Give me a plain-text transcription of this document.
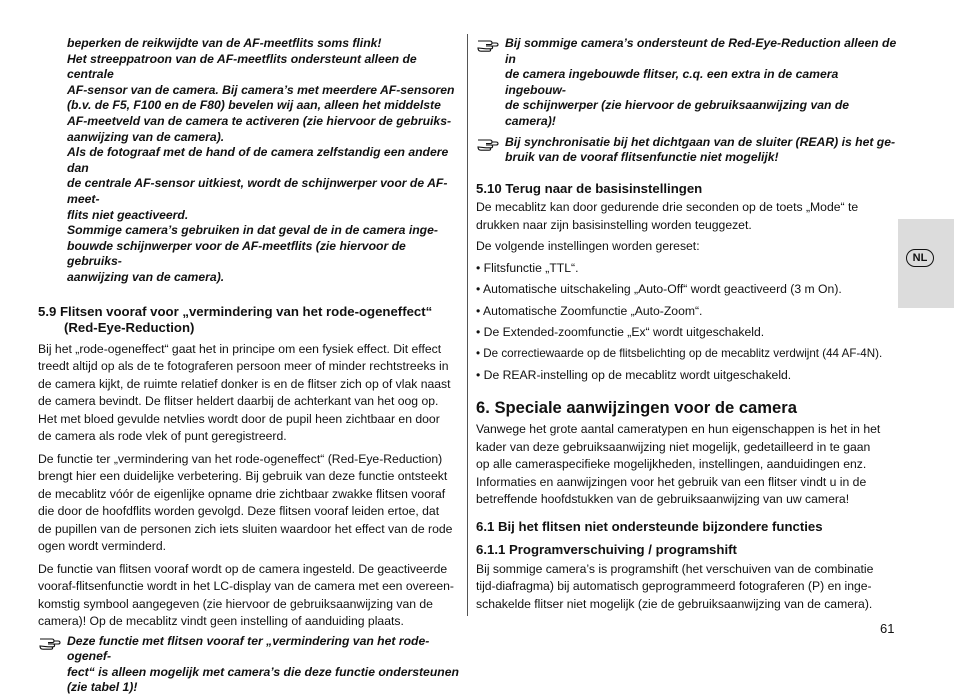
NL
61

beperken de reikwijdte van de AF-meetflits soms flink!
Het streeppatroon van de AF-meetflits ondersteunt alleen de centrale
AF-sensor van de camera. Bij camera’s met meerdere AF-sensoren
(b.v. de F5, F100 en de F80) bevelen wij aan, alleen het middelste
AF-meetveld van de camera te activeren (zie hiervoor de gebruiks-
aanwijzing van de camera).

Als de fotograaf met de hand of de camera zelfstandig een andere dan
de centrale AF-sensor uitkiest, wordt de schijnwerper voor de AF-meet-
flits niet geactiveerd.

Sommige camera’s gebruiken in dat geval de in de camera inge-
bouwde schijnwerper voor de AF-meetflits (zie hiervoor de gebruiks-
aanwijzing van de camera).

5.9 Flitsen vooraf voor „vermindering van het rode-ogeneffect“
(Red-Eye-Reduction)

Bij het „rode-ogeneffect“ gaat het in principe om een fysiek effect. Dit effect
treedt altijd op als de te fotograferen persoon meer of minder rechtstreeks in
de camera kijkt, de ruimte relatief donker is en de flitser zich op of vlak naast
de camera bevindt. De flitser heldert daarbij de achterkant van het oog op.
Het met bloed gevulde netvlies wordt door de pupil heen zichtbaar en door
de camera als rode vlek of punt geregistreerd.

De functie ter „vermindering van het rode-ogeneffect“ (Red-Eye-Reduction)
brengt hier een duidelijke verbetering. Bij gebruik van deze functie ontsteekt
de mecablitz vóór de eigenlijke opname drie zichtbaar zwakke flitsen vooraf
die door de hoofdflits worden gevolgd. Deze flitsen vooraf leiden ertoe, dat
de pupillen van de personen zich iets sluiten waardoor het effect van de rode
ogen wordt verminderd.

De functie van flitsen vooraf wordt op de camera ingesteld. De geactiveerde
vooraf-flitsenfunctie wordt in het LC-display van de camera met een overeen-
komstig symbool aangegeven (zie hiervoor de gebruiksaanwijzing van de
camera)! Op de mecablitz vindt geen instelling of aanduiding plaats.

Deze functie met flitsen vooraf ter „vermindering van het rode-ogenef-
fect“ is alleen mogelijk met camera’s die deze functie ondersteunen
(zie tabel 1)!

Bij sommige camera’s ondersteunt de Red-Eye-Reduction alleen de in
de camera ingebouwde flitser, c.q. een extra in de camera ingebouw-
de schijnwerper (zie hiervoor de gebruiksaanwijzing van de
camera)!

Bij synchronisatie bij het dichtgaan van de sluiter (REAR) is het ge-
bruik van de vooraf flitsenfunctie niet mogelijk!

5.10 Terug naar de basisinstellingen

De mecablitz kan door gedurende drie seconden op de toets „Mode“ te
drukken naar zijn basisinstelling worden teuggezet.

De volgende instellingen worden gereset:

• Flitsfunctie „TTL“.
• Automatische uitschakeling „Auto-Off“ wordt geactiveerd (3 m On).
• Automatische Zoomfunctie „Auto-Zoom“.
• De Extended-zoomfunctie „Ex“ wordt uitgeschakeld.
• De correctiewaarde op de flitsbelichting op de mecablitz verdwijnt (44 AF-4N).
• De REAR-instelling op de mecablitz wordt uitgeschakeld.
6. Speciale aanwijzingen voor de camera

Vanwege het grote aantal cameratypen en hun eigenschappen is het in het
kader van deze gebruiksaanwijzing niet mogelijk, gedetailleerd in te gaan
op alle cameraspecifieke mogelijkheden, instellingen, aanduidingen enz.
Informaties en aanwijzingen voor het gebruik van een flitser vindt u in de
betreffende hoofdstukken van de gebruiksaanwijzing van uw camera!

6.1 Bij het flitsen niet ondersteunde bijzondere functies
6.1.1 Programverschuiving / programshift

Bij sommige camera’s is programshift (het verschuiven van de combinatie
tijd-diafragma) bij automatisch geprogrammeerd fotograferen (P) en inge-
schakelde flitser niet mogelijk (zie de gebruiksaanwijzing van de camera).
